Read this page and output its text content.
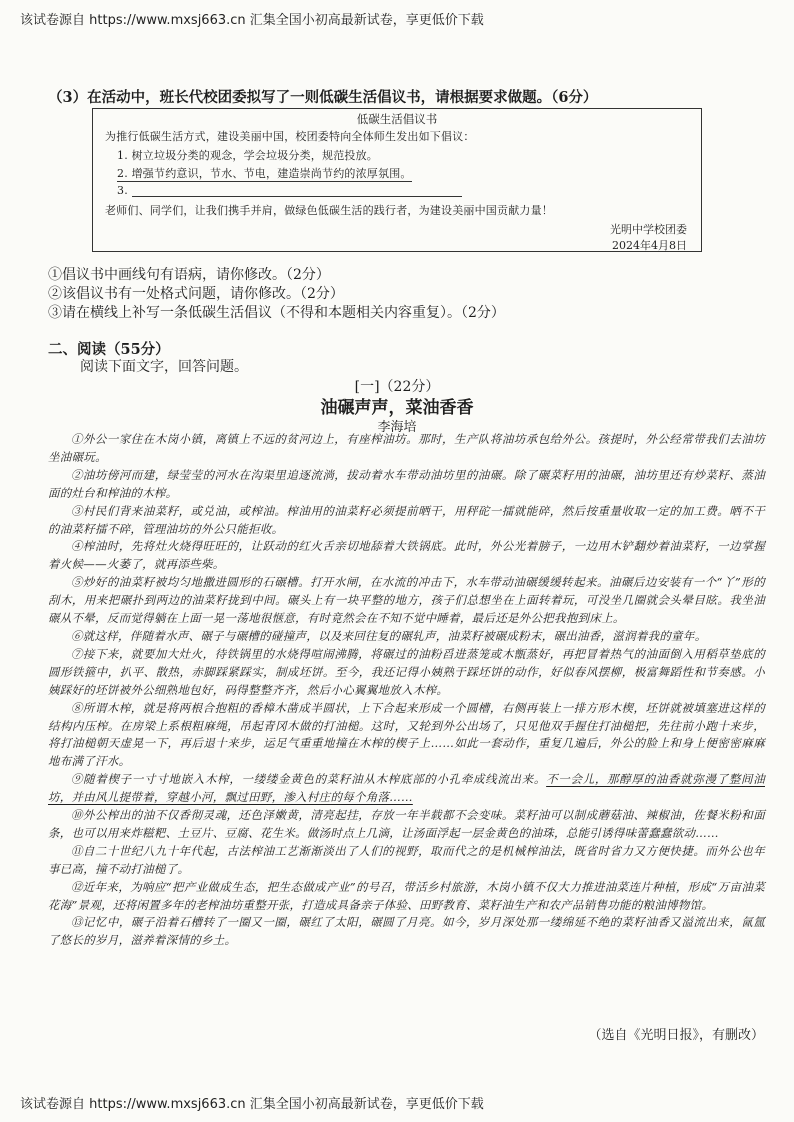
该试卷源自 https://www.mxsj663.cn 汇集全国小初高最新试卷，享更低价下载
（3）在活动中，班长代校团委拟写了一则低碳生活倡议书，请根据要求做题。（6分）
低碳生活倡议书
为推行低碳生活方式，建设美丽中国，校团委特向全体师生发出如下倡议：
1. 树立垃圾分类的观念，学会垃圾分类，规范投放。
2. 增强节约意识，节水、节电，建造崇尚节约的浓厚氛围。
3.
老师们、同学们，让我们携手并肩，做绿色低碳生活的践行者，为建设美丽中国贡献力量！
光明中学校团委
2024年4月8日
①倡议书中画线句有语病，请你修改。（2分）
②该倡议书有一处格式问题，请你修改。（2分）
③请在横线上补写一条低碳生活倡议（不得和本题相关内容重复）。（2分）
二、阅读（55分）
阅读下面文字，回答问题。
[一]（22分）
油碾声声，菜油香香
李海培
①外公一家住在木岗小镇，离镇上不远的贫河边上，有座榨油坊。那时，生产队将油坊承包给外公。孩提时，外公经常带我们去油坊坐油碾玩。
②油坊傍河而建，绿莹莹的河水在沟渠里追逐流淌，拔动着水车带动油坊里的油碾。除了碾菜籽用的油碾，油坊里还有炒菜籽、蒸油面的灶台和榨油的木榨。
③村民们背来油菜籽，或兑油，或榨油。榨油用的油菜籽必须提前晒干，用秤砣一擂就能碎，然后按重量收取一定的加工费。晒不干的油菜籽擂不碎，管理油坊的外公只能拒收。
④榨油时，先将灶火烧得旺旺的，让跃动的红火舌亲切地舔着大铁锅底。此时，外公光着膀子，一边用木铲翻炒着油菜籽，一边掌握着火候——火萎了，就再添些柴。
⑤炒好的油菜籽被均匀地撒进圆形的石碾槽。打开水闸，在水流的冲击下，水车带动油碾缓缓转起来。油碾后边安装有一个“丫”形的刮木，用来把碾扑到两边的油菜籽拢到中间。碾头上有一块平整的地方，孩子们总想坐在上面转着玩，可没坐几圈就会头晕目眩。我坐油碾从不晕，反而觉得躺在上面一晃一荡地很惬意，有时竟然会在不知不觉中睡着，最后还是外公把我抱到床上。
⑥就这样，伴随着水声、碾子与碾槽的碰撞声，以及来回往复的碾轧声，油菜籽被碾成粉末，碾出油香，滋润着我的童年。
⑦接下来，就要加大灶火，待铁锅里的水烧得喧闹沸腾，将碾过的油粉舀进蒸笼或木甑蒸好，再把冒着热气的油面倒入用稻草垫底的圆形铁箍中，扒平、散热，赤脚踩紧踩实，制成坯饼。至今，我还记得小姨熟于踩坯饼的动作，好似春风摆柳，极富舞蹈性和节奏感。小姨踩好的坯饼被外公细熟地包好，码得整整齐齐，然后小心翼翼地放入木榨。
⑧所谓木榨，就是将两根合抱粗的香樟木凿成半圆状，上下合起来形成一个圆槽，右侧再装上一排方形木楔，坯饼就被填塞进这样的结构内压榨。在房梁上系根粗麻绳，吊起青冈木做的打油槌。这时，又轮到外公出场了，只见他双手握住打油槌把，先往前小跑十来步，将打油槌朝天虚晃一下，再后退十来步，运足气重重地撞在木榨的楔子上……如此一套动作，重复几遍后，外公的脸上和身上便密密麻麻地布满了汗水。
⑨随着楔子一寸寸地嵌入木榨，一缕缕金黄色的菜籽油从木榨底部的小孔牵成线流出来。不一会儿，那醇厚的油香就弥漫了整间油坊，并由风儿提带着，穿越小河，飘过田野，渗入村庄的每个角落……
⑩外公榨出的油不仅香彻灵魂，还色泽嫩黄，清亮起挂，存放一年半载都不会变味。菜籽油可以制成蘑菇油、辣椒油，佐餐米粉和面条，也可以用来炸糍粑、土豆片、豆腐、花生米。做汤时点上几滴，让汤面浮起一层金黄色的油珠，总能引诱得味蕾蠢蠢欲动……
⑪自二十世纪八九十年代起，古法榨油工艺渐渐淡出了人们的视野，取而代之的是机械榨油法，既省时省力又方便快捷。而外公也年事已高，撞不动打油槌了。
⑫近年来，为响应“把产业做成生态，把生态做成产业”的号召，带活乡村旅游，木岗小镇不仅大力推进油菜连片种植，形成“万亩油菜花海”景观，还将闲置多年的老榨油坊重整开张，打造成具备亲子体验、田野教育、菜籽油生产和农产品销售功能的粮油博物馆。
⑬记忆中，碾子沿着石槽转了一圈又一圈，碾红了太阳，碾圆了月亮。如今，岁月深处那一缕绵延不绝的菜籽油香又溢流出来，氤氲了悠长的岁月，滋养着深情的乡土。
（选自《光明日报》，有删改）
该试卷源自 https://www.mxsj663.cn 汇集全国小初高最新试卷，享更低价下载
